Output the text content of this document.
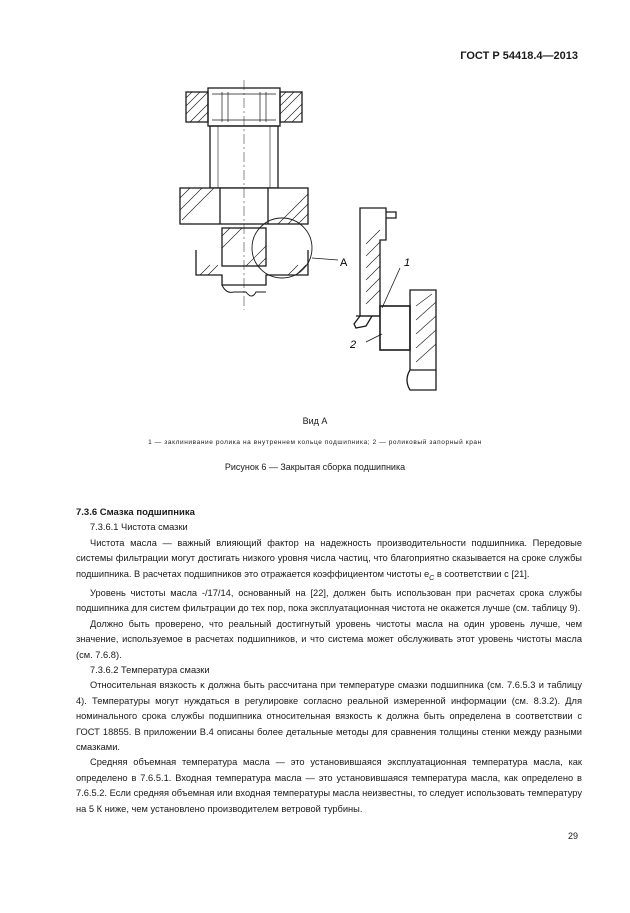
ГОСТ Р 54418.4—2013
А	1
2
Вид А
1 — заклинивание ролика на внутреннем кольце подшипника; 2 — роликовый запорный кран
Рисунок 6 — Закрытая сборка подшипника
7.3.6 Смазка подшипника

7.3.6.1 Чистота смазки

Чистота масла — важный влияющий фактор на надежность производительности подшипника. Передовые системы фильтрации могут достигать низкого уровня числа частиц, что благоприятно сказывается на сроке службы подшипника. В расчетах подшипников это отражается коэффициентом чистоты $e_C$ в соответствии с [21].

Уровень чистоты масла -/17/14, основанный на [22], должен быть использован при расчетах срока службы подшипника для систем фильтрации до тех пор, пока эксплуатационная чистота не окажется лучше (см. таблицу 9).

Должно быть проверено, что реальный достигнутый уровень чистоты масла на один уровень лучше, чем значение, используемое в расчетах подшипников, и что система может обслуживать этот уровень чистоты масла (см. 7.6.8).

7.3.6.2 Температура смазки

Относительная вязкость κ должна быть рассчитана при температуре смазки подшипника (см. 7.6.5.3 и таблицу 4). Температуры могут нуждаться в регулировке согласно реальной измеренной информации (см. 8.3.2). Для номинального срока службы подшипника относительная вязкость κ должна быть определена в соответствии с ГОСТ 18855. В приложении В.4 описаны более детальные методы для сравнения толщины стенки между разными смазками.

Средняя объемная температура масла — это установившаяся эксплуатационная температура масла, как определено в 7.6.5.1. Входная температура масла — это установившаяся температура масла, как определено в 7.6.5.2. Если средняя объемная или входная температуры масла неизвестны, то следует использовать температуру на 5 К ниже, чем установлено производителем ветровой турбины.

29
